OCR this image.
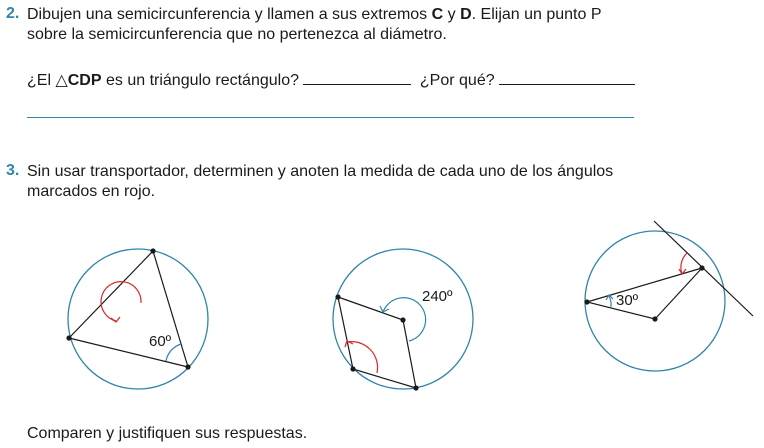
2. Dibujen una semicircunferencia y llamen a sus extremos C y D. Elijan un punto P
sobre la semicircunferencia que no pertenezca al diámetro.
¿El △CDP es un triángulo rectángulo?	¿Por qué?
3. Sin usar transportador, determinen y anoten la medida de cada uno de los ángulos
marcados en rojo.
60º
240º	30º
Comparen y justifiquen sus respuestas.
